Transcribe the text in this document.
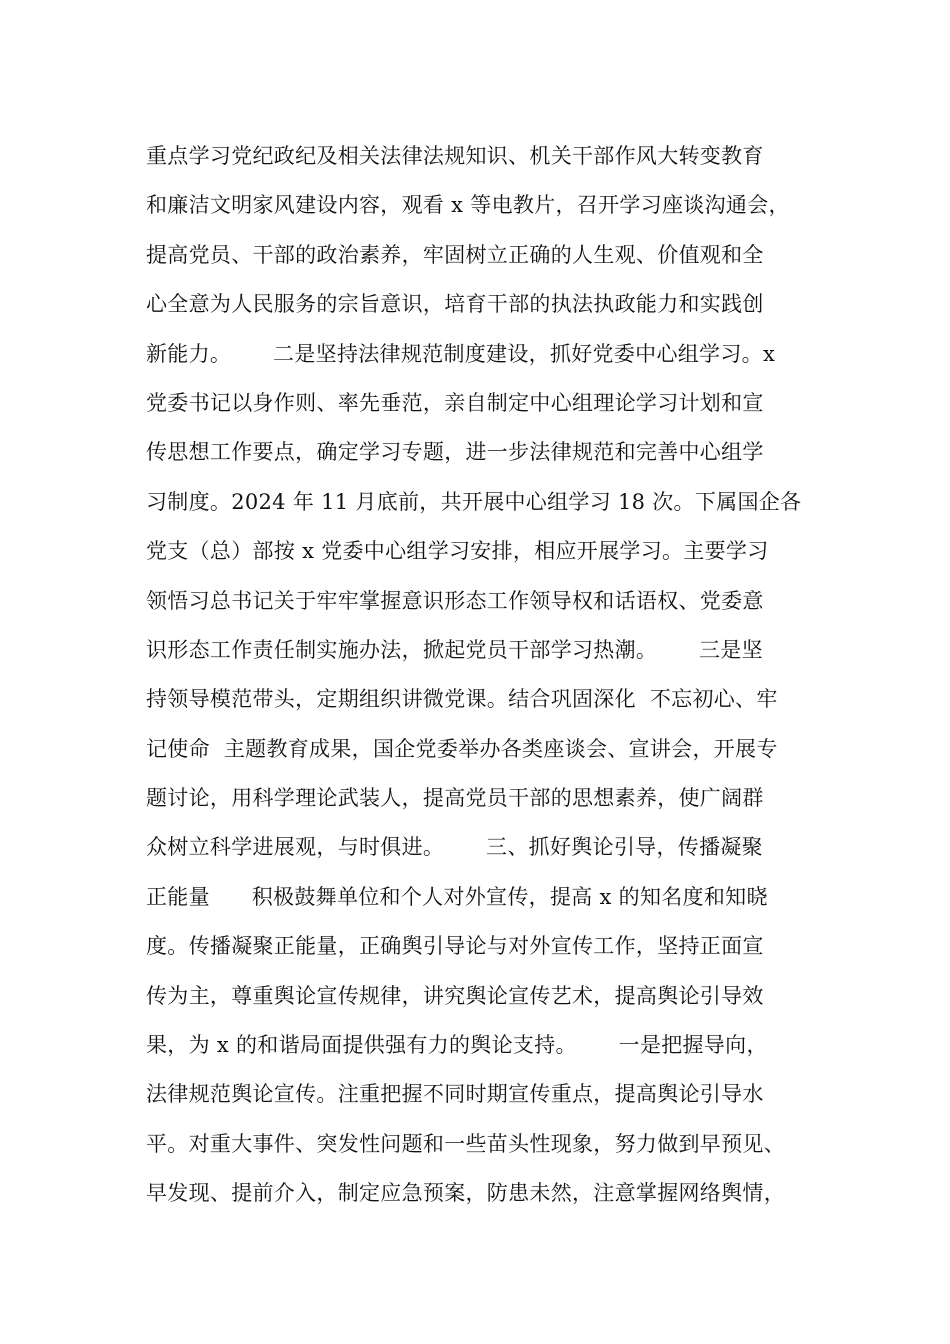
重点学习党纪政纪及相关法律法规知识、机关干部作风大转变教育
和廉洁文明家风建设内容，观看 x 等电教片，召开学习座谈沟通会，
提高党员、干部的政治素养，牢固树立正确的人生观、价值观和全
心全意为人民服务的宗旨意识，培育干部的执法执政能力和实践创
新能力。      二是坚持法律规范制度建设，抓好党委中心组学习。x
党委书记以身作则、率先垂范，亲自制定中心组理论学习计划和宣
传思想工作要点，确定学习专题，进一步法律规范和完善中心组学
习制度。2024 年 11 月底前，共开展中心组学习 18 次。下属国企各
党支（总）部按 x 党委中心组学习安排，相应开展学习。主要学习
领悟习总书记关于牢牢掌握意识形态工作领导权和话语权、党委意
识形态工作责任制实施办法，掀起党员干部学习热潮。      三是坚
持领导模范带头，定期组织讲微党课。结合巩固深化  不忘初心、牢
记使命  主题教育成果，国企党委举办各类座谈会、宣讲会，开展专
题讨论，用科学理论武装人，提高党员干部的思想素养，使广阔群
众树立科学进展观，与时俱进。      三、抓好舆论引导，传播凝聚
正能量      积极鼓舞单位和个人对外宣传，提高 x 的知名度和知晓
度。传播凝聚正能量，正确舆引导论与对外宣传工作，坚持正面宣
传为主，尊重舆论宣传规律，讲究舆论宣传艺术，提高舆论引导效
果，为 x 的和谐局面提供强有力的舆论支持。      一是把握导向，
法律规范舆论宣传。注重把握不同时期宣传重点，提高舆论引导水
平。对重大事件、突发性问题和一些苗头性现象，努力做到早预见、
早发现、提前介入，制定应急预案，防患未然，注意掌握网络舆情，
